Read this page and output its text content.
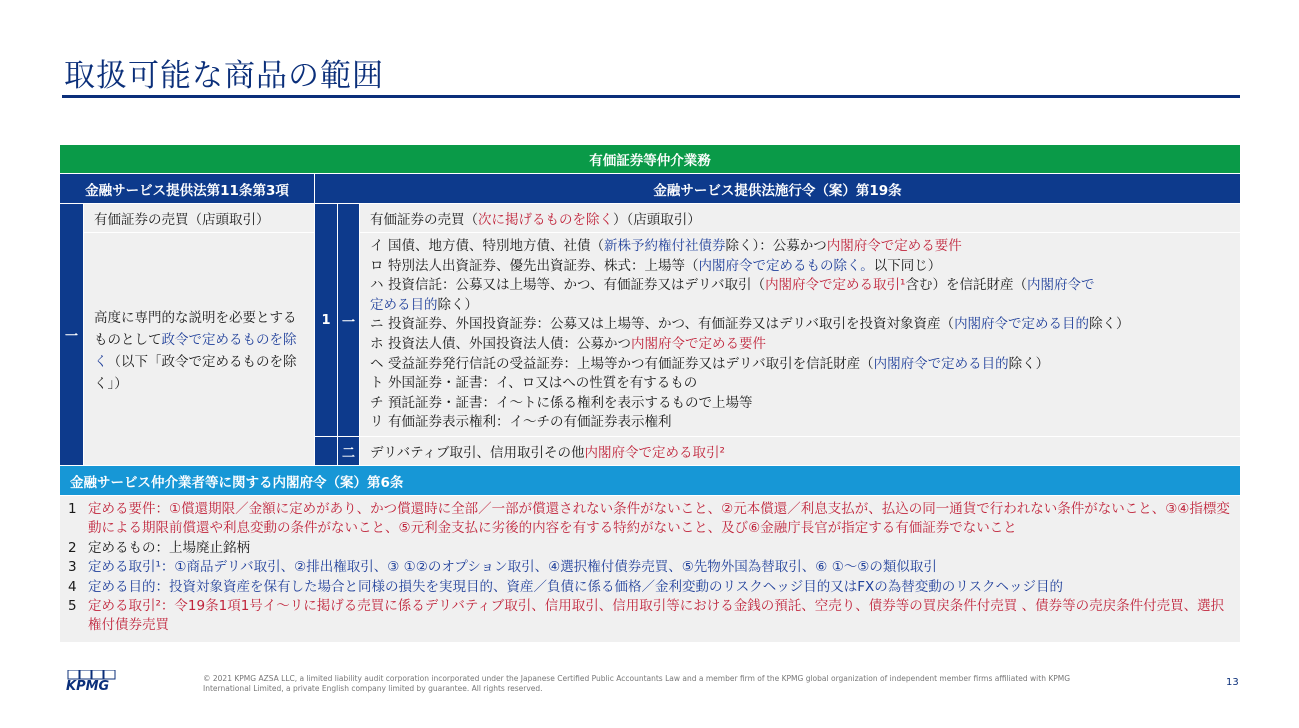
取扱可能な商品の範囲
有価証券等仲介業務
金融サービス提供法第11条第3項	金融サービス提供法施行令（案）第19条
一
1 一
二
有価証券の売買（店頭取引）	有価証券の売買（ 次に掲げるものを除く ）（店頭取引）
高度に専門的な説明を必要とするものとして政令で定めるものを除く（以下「政令で定めるものを除く」）
イ 国債、地方債、特別地方債、社債（新株予約権付社債券除く）：公募かつ内閣府令で定める要件
ロ 特別法人出資証券、優先出資証券、株式：上場等（内閣府令で定めるもの除く。以下同じ）
ハ 投資信託：公募又は上場等、かつ、有価証券又はデリバ取引（内閣府令で定める取引¹含む）を信託財産（内閣府令で
定める目的除く）
ニ 投資証券、外国投資証券：公募又は上場等、かつ、有価証券又はデリバ取引を投資対象資産（内閣府令で定める目的除く）
ホ 投資法人債、外国投資法人債：公募かつ内閣府令で定める要件
ヘ 受益証券発行信託の受益証券：上場等かつ有価証券又はデリバ取引を信託財産（内閣府令で定める目的除く）
ト 外国証券・証書：イ、ロ又はへの性質を有するもの
チ 預託証券・証書：イ～トに係る権利を表示するもので上場等
リ 有価証券表示権利：イ～チの有価証券表示権利
デリバティブ取引、信用取引その他 内閣府令で定める取引²
金融サービス仲介業者等に関する内閣府令（案）第6条
1 定める要件：①償還期限／金額に定めがあり、かつ償還時に全部／一部が償還されない条件がないこと、②元本償還／利息支払が、払込の同一通貨で行われない条件がないこと、③④指標変動による期限前償還や利息変動の条件がないこと、⑤元利金支払に劣後的内容を有する特約がないこと、及び⑥金融庁長官が指定する有価証券でないこと
2 定めるもの：上場廃止銘柄
3 定める取引¹：①商品デリバ取引、②排出権取引、③ ①②のオプション取引、④選択権付債券売買、⑤先物外国為替取引、⑥ ①～⑤の類似取引
4 定める目的：投資対象資産を保有した場合と同様の損失を実現目的、資産／負債に係る価格／金利変動のリスクヘッジ目的又はFXの為替変動のリスクヘッジ目的
5 定める取引²：令19条1項1号イ～リに掲げる売買に係るデリバティブ取引、信用取引、信用取引等における金銭の預託、空売り、債券等の買戻条件付売買 、債券等の売戻条件付売買、選択権付債券売買
KPMG
© 2021 KPMG AZSA LLC, a limited liability audit corporation incorporated under the Japanese Certified Public Accountants Law and a member firm of the KPMG global organization of independent member firms affiliated with KPMG International Limited, a private English company limited by guarantee. All rights reserved.
13
